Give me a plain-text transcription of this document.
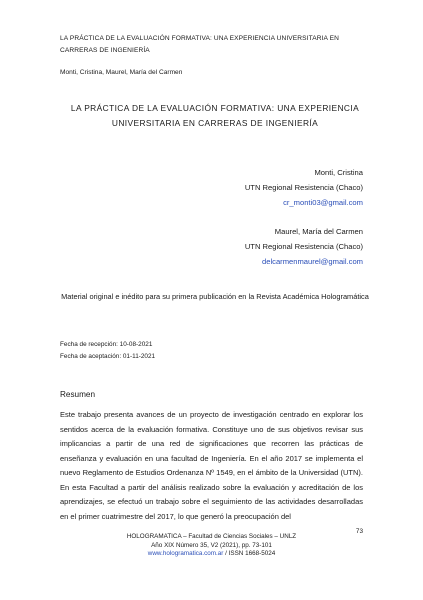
LA PRÁCTICA DE LA EVALUACIÓN FORMATIVA: UNA EXPERIENCIA UNIVERSITARIA EN CARRERAS DE INGENIERÍA
Monti, Cristina, Maurel, María del Carmen
LA PRÁCTICA DE LA EVALUACIÓN FORMATIVA: UNA EXPERIENCIA UNIVERSITARIA EN CARRERAS DE INGENIERÍA
Monti, Cristina
UTN Regional Resistencia (Chaco)
cr_monti03@gmail.com
Maurel, María del Carmen
UTN Regional Resistencia (Chaco)
delcarmenmaurel@gmail.com
Material original e inédito para su primera publicación en la Revista Académica Hologramática
Fecha de recepción: 10-08-2021
Fecha de aceptación: 01-11-2021
Resumen

Este trabajo presenta avances de un proyecto de investigación centrado en explorar los sentidos acerca de la evaluación formativa. Constituye uno de sus objetivos revisar sus implicancias a partir de una red de significaciones que recorren las prácticas de enseñanza y evaluación en una facultad de Ingeniería. En el año 2017 se implementa el nuevo Reglamento de Estudios Ordenanza Nº 1549, en el ámbito de la Universidad (UTN). En esta Facultad a partir del análisis realizado sobre la evaluación y acreditación de los aprendizajes, se efectuó un trabajo sobre el seguimiento de las actividades desarrolladas en el primer cuatrimestre del 2017, lo que generó la preocupación del

73
HOLOGRAMATICA – Facultad de Ciencias Sociales – UNLZ
Año XIX Número 35, V2 (2021), pp. 73-101
www.hologramatica.com.ar / ISSN 1668-5024
